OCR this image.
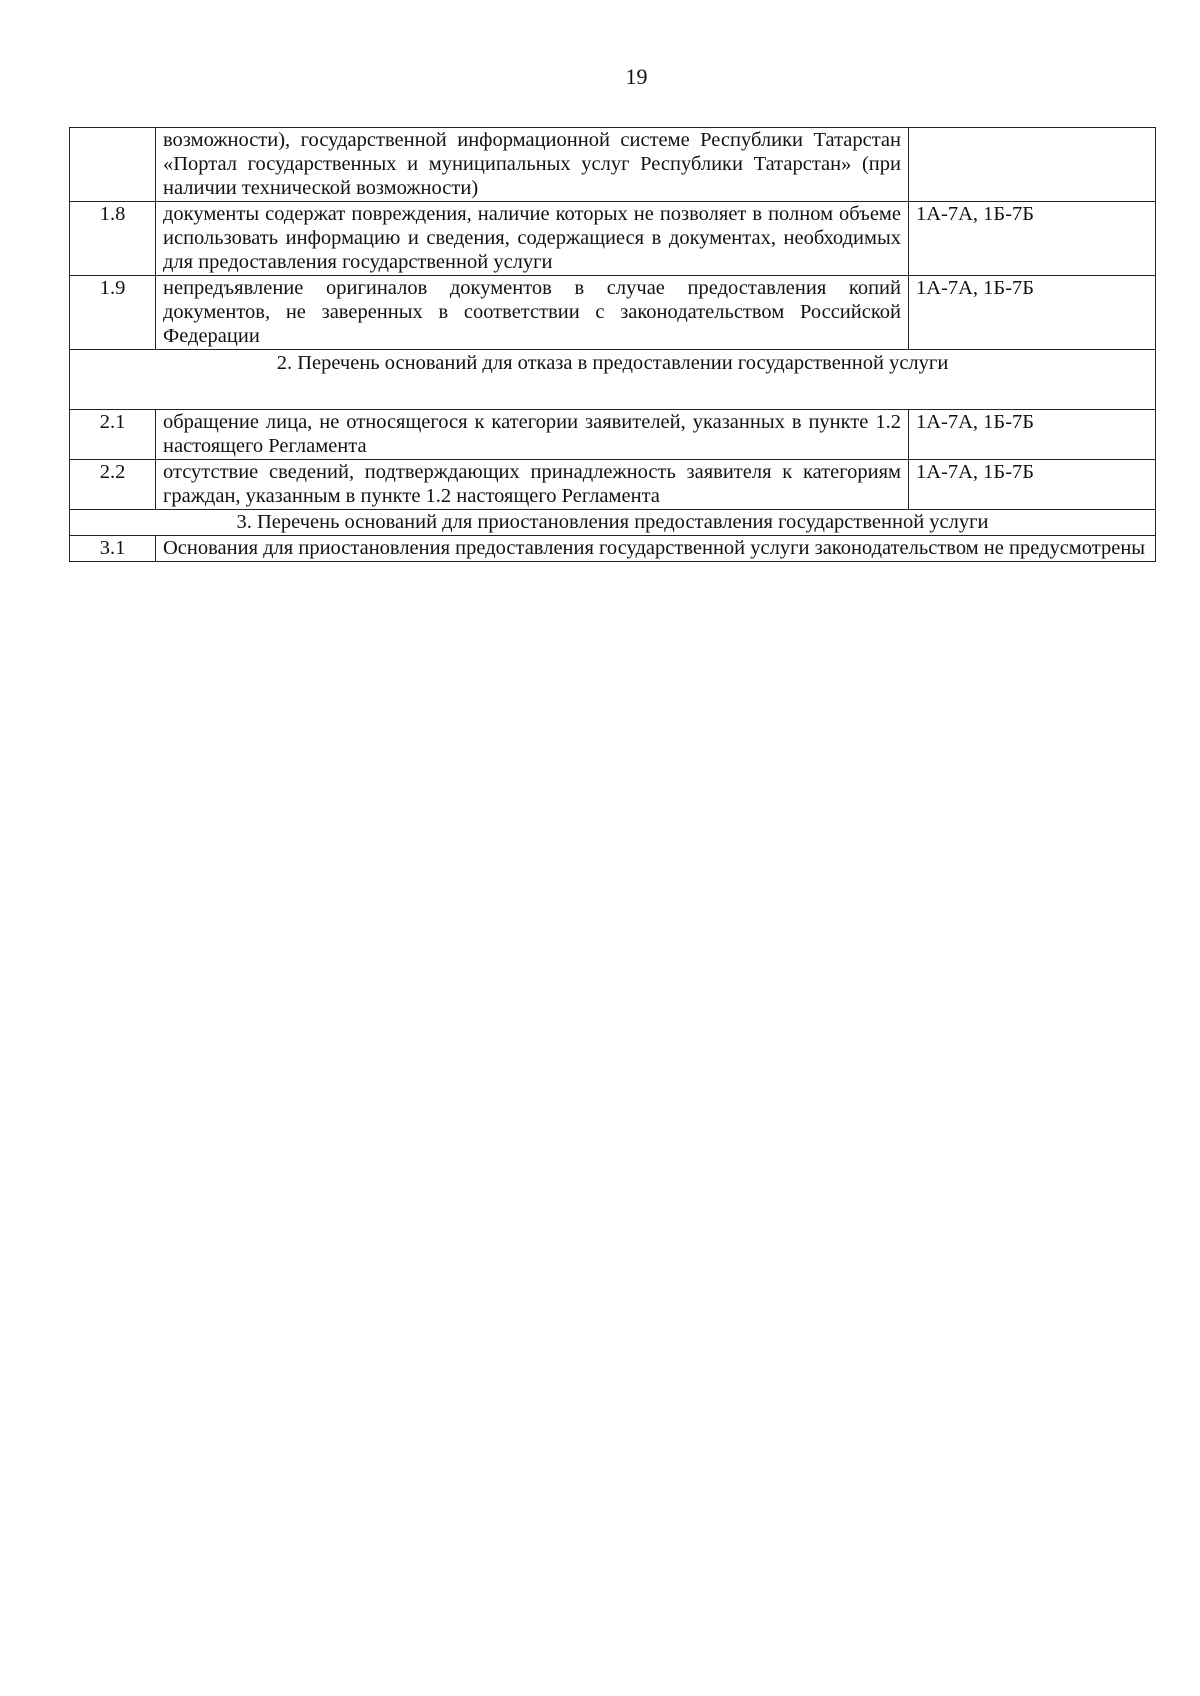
19
	возможности), государственной информационной системе Республики Татарстан «Портал государственных и муниципальных услуг Республики Татарстан» (при наличии технической возможности)	
1.8	документы содержат повреждения, наличие которых не позволяет в полном объеме использовать информацию и сведения, содержащиеся в документах, необходимых для предоставления государственной услуги	1А-7А, 1Б-7Б
1.9	непредъявление оригиналов документов в случае предоставления копий документов, не заверенных в соответствии с законодательством Российской Федерации	1А-7А, 1Б-7Б
2. Перечень оснований для отказа в предоставлении государственной услуги		
2.1	обращение лица, не относящегося к категории заявителей, указанных в пункте 1.2 настоящего Регламента	1А-7А, 1Б-7Б
2.2	отсутствие сведений, подтверждающих принадлежность заявителя к категориям граждан, указанным в пункте 1.2 настоящего Регламента	1А-7А, 1Б-7Б
3. Перечень оснований для приостановления предоставления государственной услуги		
3.1	Основания для приостановления предоставления государственной услуги законодательством не предусмотрены	
